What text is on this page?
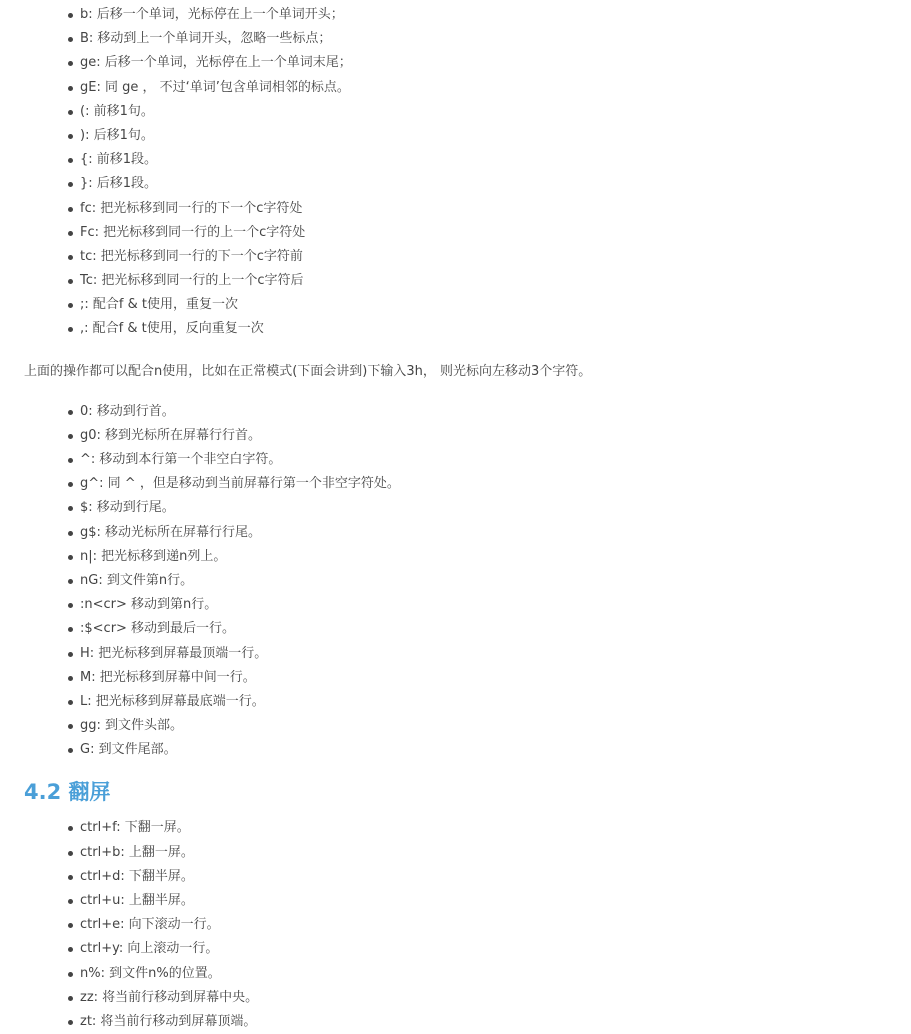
b: 后移一个单词，光标停在上一个单词开头；
B: 移动到上一个单词开头，忽略一些标点；
ge: 后移一个单词，光标停在上一个单词末尾；
gE: 同 ge ， 不过‘单词’包含单词相邻的标点。
(: 前移1句。
): 后移1句。
{: 前移1段。
}: 后移1段。
fc: 把光标移到同一行的下一个c字符处
Fc: 把光标移到同一行的上一个c字符处
tc: 把光标移到同一行的下一个c字符前
Tc: 把光标移到同一行的上一个c字符后
;: 配合f & t使用，重复一次
,: 配合f & t使用，反向重复一次

上面的操作都可以配合n使用，比如在正常模式(下面会讲到)下输入3h， 则光标向左移动3个字符。

0: 移动到行首。
g0: 移到光标所在屏幕行行首。
^: 移动到本行第一个非空白字符。
g^: 同 ^ ，但是移动到当前屏幕行第一个非空字符处。
$: 移动到行尾。
g$: 移动光标所在屏幕行行尾。
n|: 把光标移到递n列上。
nG: 到文件第n行。
:n<cr> 移动到第n行。
:$<cr> 移动到最后一行。
H: 把光标移到屏幕最顶端一行。
M: 把光标移到屏幕中间一行。
L: 把光标移到屏幕最底端一行。
gg: 到文件头部。
G: 到文件尾部。
4.2 翻屏
ctrl+f: 下翻一屏。
ctrl+b: 上翻一屏。
ctrl+d: 下翻半屏。
ctrl+u: 上翻半屏。
ctrl+e: 向下滚动一行。
ctrl+y: 向上滚动一行。
n%: 到文件n%的位置。
zz: 将当前行移动到屏幕中央。
zt: 将当前行移动到屏幕顶端。
